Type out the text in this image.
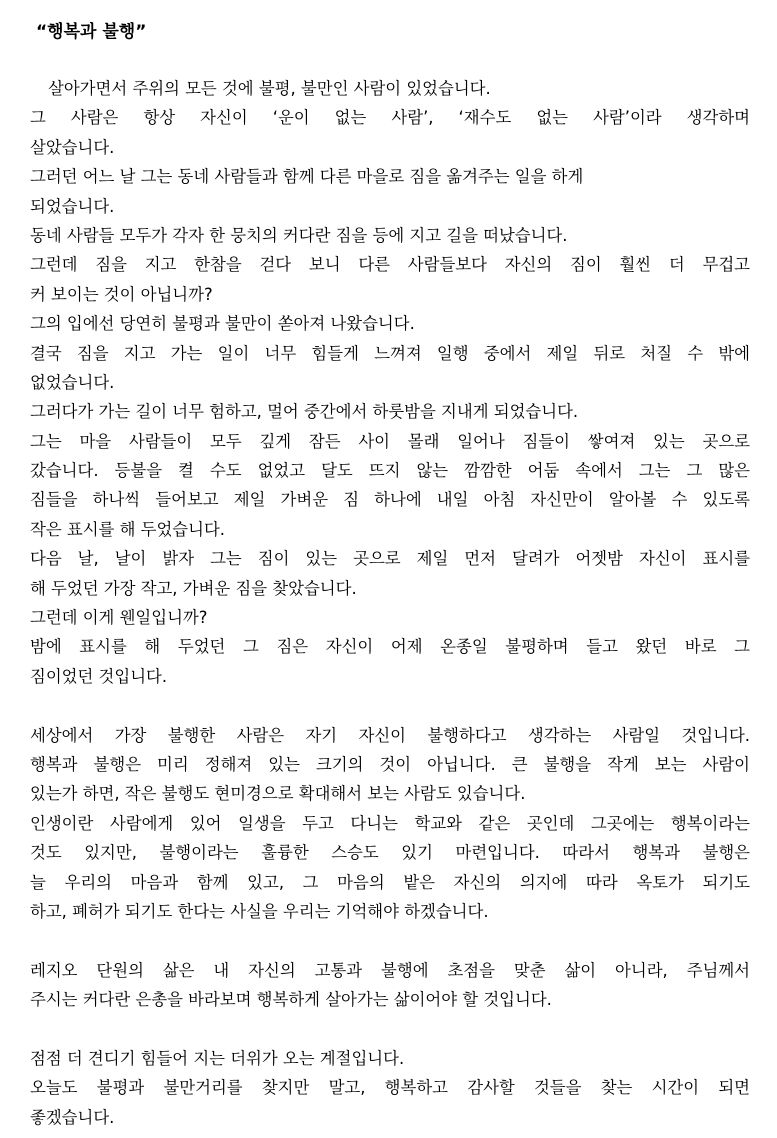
“행복과 불행”
살아가면서 주위의 모든 것에 불평, 불만인 사람이 있었습니다.
그 사람은 항상 자신이 ‘운이 없는 사람’, ‘재수도 없는 사람’이라 생각하며
살았습니다.
그러던 어느 날 그는 동네 사람들과 함께 다른 마을로 짐을 옮겨주는 일을 하게
되었습니다.
동네 사람들 모두가 각자 한 뭉치의 커다란 짐을 등에 지고 길을 떠났습니다.
그런데 짐을 지고 한참을 걷다 보니 다른 사람들보다 자신의 짐이 훨씬 더 무겁고
커 보이는 것이 아닙니까?
그의 입에선 당연히 불평과 불만이 쏟아져 나왔습니다.
결국 짐을 지고 가는 일이 너무 힘들게 느껴져 일행 중에서 제일 뒤로 처질 수 밖에
없었습니다.
그러다가 가는 길이 너무 험하고, 멀어 중간에서 하룻밤을 지내게 되었습니다.
그는 마을 사람들이 모두 깊게 잠든 사이 몰래 일어나 짐들이 쌓여져 있는 곳으로
갔습니다. 등불을 켤 수도 없었고 달도 뜨지 않는 깜깜한 어둠 속에서 그는 그 많은
짐들을 하나씩 들어보고 제일 가벼운 짐 하나에 내일 아침 자신만이 알아볼 수 있도록
작은 표시를 해 두었습니다.
다음 날, 날이 밝자 그는 짐이 있는 곳으로 제일 먼저 달려가 어젯밤 자신이 표시를
해 두었던 가장 작고, 가벼운 짐을 찾았습니다.
그런데 이게 웬일입니까?
밤에 표시를 해 두었던 그 짐은 자신이 어제 온종일 불평하며 들고 왔던 바로 그
짐이었던 것입니다.
세상에서 가장 불행한 사람은 자기 자신이 불행하다고 생각하는 사람일 것입니다.
행복과 불행은 미리 정해져 있는 크기의 것이 아닙니다. 큰 불행을 작게 보는 사람이
있는가 하면, 작은 불행도 현미경으로 확대해서 보는 사람도 있습니다.
인생이란 사람에게 있어 일생을 두고 다니는 학교와 같은 곳인데 그곳에는 행복이라는
것도 있지만, 불행이라는 훌륭한 스승도 있기 마련입니다. 따라서 행복과 불행은
늘 우리의 마음과 함께 있고, 그 마음의 밭은 자신의 의지에 따라 옥토가 되기도
하고, 폐허가 되기도 한다는 사실을 우리는 기억해야 하겠습니다.
레지오 단원의 삶은 내 자신의 고통과 불행에 초점을 맞춘 삶이 아니라, 주님께서
주시는 커다란 은총을 바라보며 행복하게 살아가는 삶이어야 할 것입니다.
점점 더 견디기 힘들어 지는 더위가 오는 계절입니다.
오늘도 불평과 불만거리를 찾지만 말고, 행복하고 감사할 것들을 찾는 시간이 되면
좋겠습니다.
